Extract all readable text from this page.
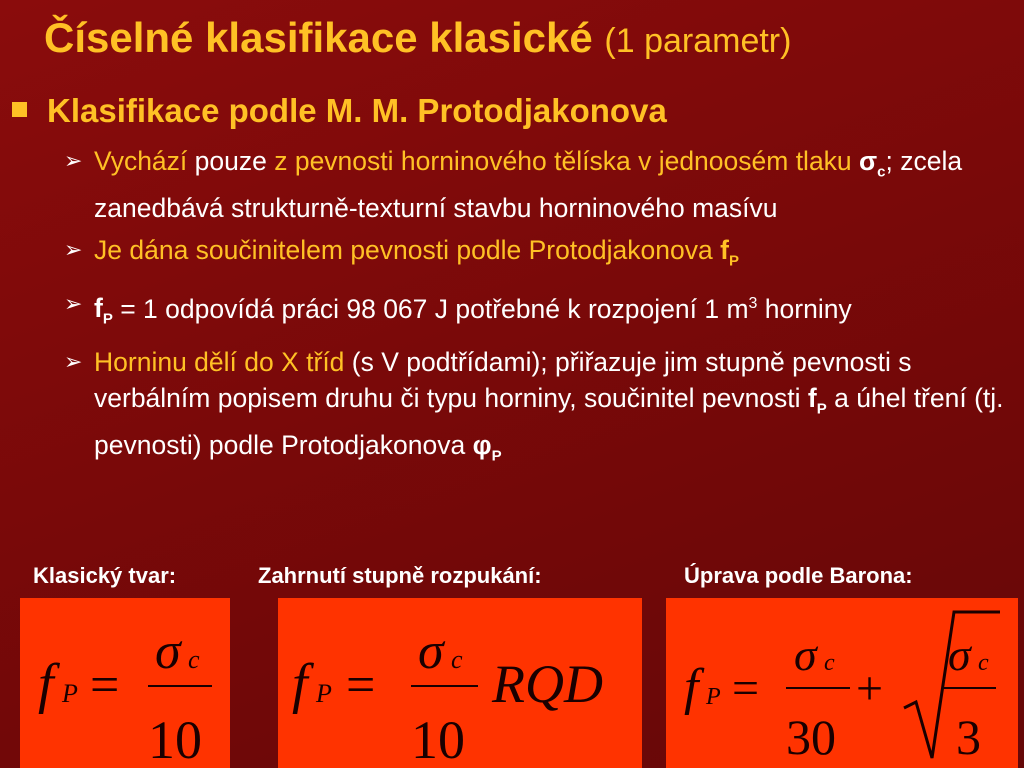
Číselné klasifikace klasické (1 parametr)
Klasifikace podle M. M. Protodjakonova
➢ Vychází pouze z pevnosti horninového tělíska v jednoosém tlaku $\sigma_c$; zcela zanedbává strukturně-texturní stavbu horninového masívu
➢ Je dána součinitelem pevnosti podle Protodjakonova $f_P$
➢ $f_P = 1$ odpovídá práci 98 067 J potřebné k rozpojení 1 $m^3$ horniny
➢ Horninu dělí do X tříd (s V podtřídami); přiřazuje jim stupně pevnosti s verbálním popisem druhu či typu horniny, součinitel pevnosti $f_P$ a úhel tření (tj. pevnosti) podle Protodjakonova $\varphi_P$
Klasický tvar:	Zahrnutí stupně rozpukání:	Úprava podle Barona:
f P =
σ c
10
f P =
σ c
10
RQD f P =
σ c
30
+
σ c
3
